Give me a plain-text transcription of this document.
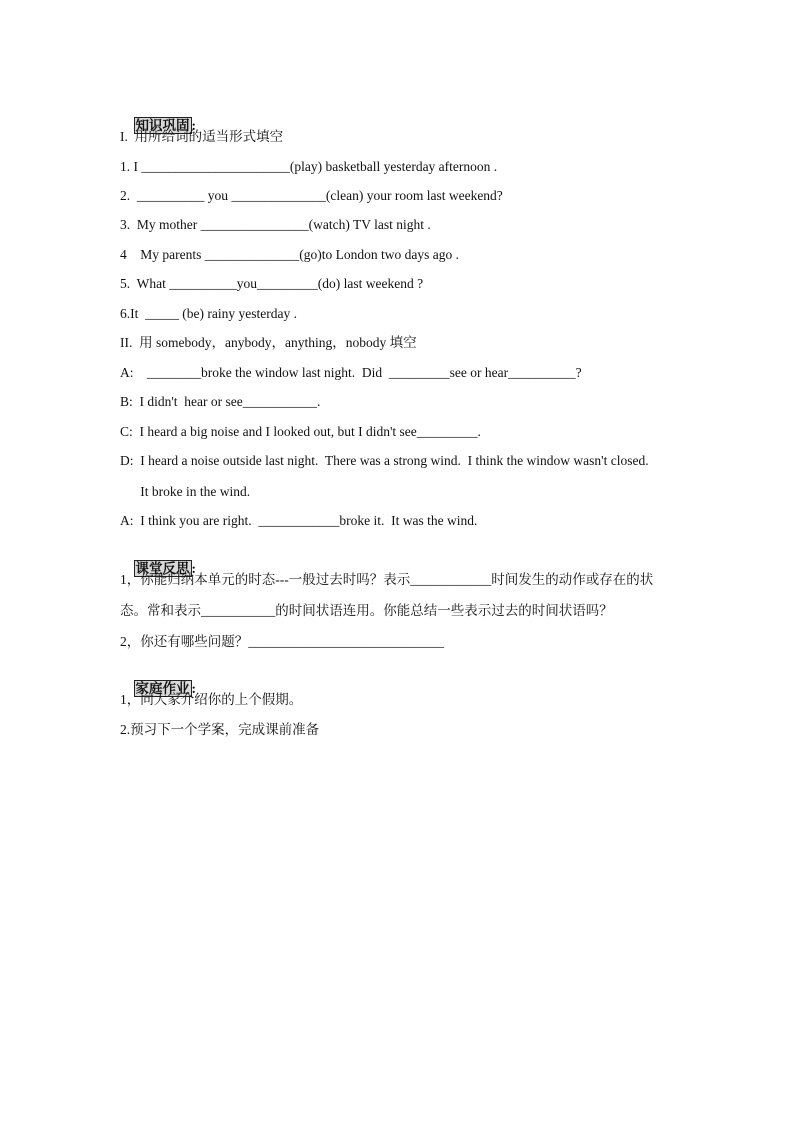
知识巩固 :

I.  用所给词的适当形式填空
1. I ______________________(play) basketball yesterday afternoon .
2.  __________ you ______________(clean) your room last weekend?
3.  My mother ________________(watch) TV last night .
4    My parents ______________(go)to London two days ago .
5.  What __________you_________(do) last weekend ?
6.It  _____ (be) rainy yesterday .
II.  用 somebody，anybody，anything，nobody 填空
A:    ________broke the window last night.  Did  _________see or hear__________?
B:  I didn't  hear or see___________.
C:  I heard a big noise and I looked out, but I didn't see_________.
D:  I heard a noise outside last night.  There was a strong wind.  I think the window wasn't closed.
It broke in the wind.
A:  I think you are right.  ____________broke it.  It was the wind.

课堂反思 :

1，你能归纳本单元的时态---一般过去时吗？表示____________时间发生的动作或存在的状
态。常和表示___________的时间状语连用。你能总结一些表示过去的时间状语吗？
2，你还有哪些问题？_____________________________

家庭作业 :

1，向大家介绍你的上个假期。
2.预习下一个学案，完成课前准备
